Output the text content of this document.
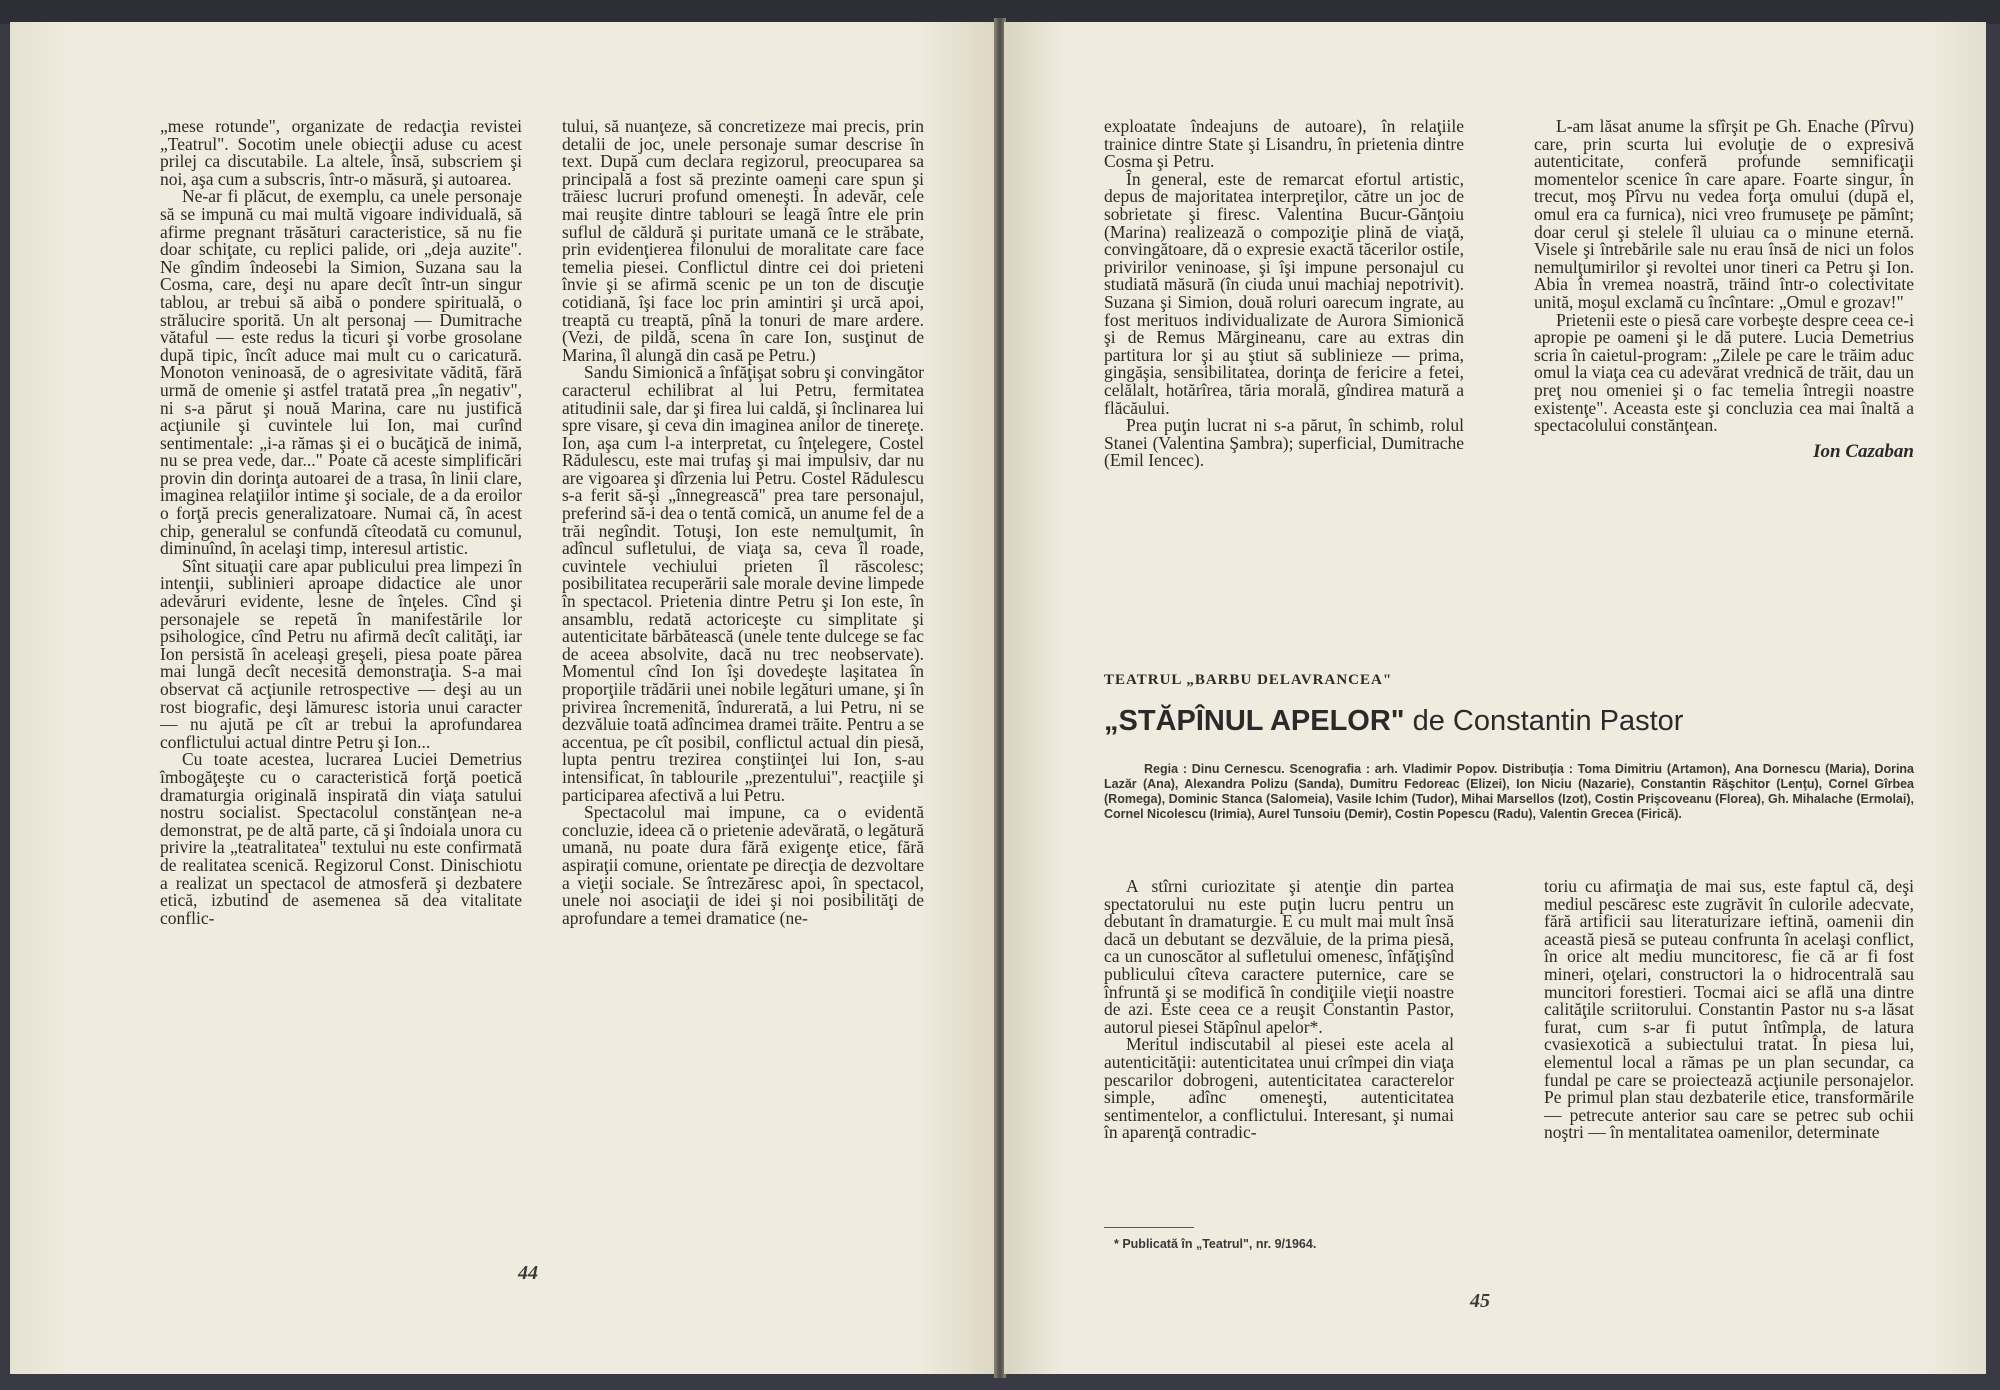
„mese rotunde", organizate de redacţia revistei „Teatrul". Socotim unele obiecţii aduse cu acest prilej ca discutabile. La altele, însă, subscriem şi noi, aşa cum a subscris, într-o măsură, şi autoarea.

Ne-ar fi plăcut, de exemplu, ca unele personaje să se impună cu mai multă vigoare individuală, să afirme pregnant trăsături caracteristice, să nu fie doar schiţate, cu replici palide, ori „deja auzite". Ne gîndim îndeosebi la Simion, Suzana sau la Cosma, care, deşi nu apare decît într-un singur tablou, ar trebui să aibă o pondere spirituală, o strălucire sporită. Un alt personaj — Dumitrache vătaful — este redus la ticuri şi vorbe grosolane după tipic, încît aduce mai mult cu o caricatură. Monoton veninoasă, de o agresivitate vădită, fără urmă de omenie şi astfel tratată prea „în negativ", ni s-a părut şi nouă Marina, care nu justifică acţiunile şi cuvintele lui Ion, mai curînd sentimentale: „i-a rămas şi ei o bucăţică de inimă, nu se prea vede, dar..." Poate că aceste simplificări provin din dorinţa autoarei de a trasa, în linii clare, imaginea relaţiilor intime şi sociale, de a da eroilor o forţă precis generalizatoare. Numai că, în acest chip, generalul se confundă cîteodată cu comunul, diminuînd, în acelaşi timp, interesul artistic.

Sînt situaţii care apar publicului prea limpezi în intenţii, sublinieri aproape didactice ale unor adevăruri evidente, lesne de înţeles. Cînd şi personajele se repetă în manifestările lor psihologice, cînd Petru nu afirmă decît calităţi, iar Ion persistă în aceleaşi greşeli, piesa poate părea mai lungă decît necesită demonstraţia. S-a mai observat că acţiunile retrospective — deşi au un rost biografic, deşi lămuresc istoria unui caracter — nu ajută pe cît ar trebui la aprofundarea conflictului actual dintre Petru şi Ion...

Cu toate acestea, lucrarea Luciei Demetrius îmbogăţeşte cu o caracteristică forţă poetică dramaturgia originală inspirată din viaţa satului nostru socialist. Spectacolul constănţean ne-a demonstrat, pe de altă parte, că şi îndoiala unora cu privire la „teatralitatea" textului nu este confirmată de realitatea scenică. Regizorul Const. Dinischiotu a realizat un spectacol de atmosferă şi dezbatere etică, izbutind de asemenea să dea vitalitate conflic-

tului, să nuanţeze, să concretizeze mai precis, prin detalii de joc, unele personaje sumar descrise în text. După cum declara regizorul, preocuparea sa principală a fost să prezinte oameni care spun şi trăiesc lucruri profund omeneşti. În adevăr, cele mai reuşite dintre tablouri se leagă între ele prin suflul de căldură şi puritate umană ce le străbate, prin evidenţierea filonului de moralitate care face temelia piesei. Conflictul dintre cei doi prieteni învie şi se afirmă scenic pe un ton de discuţie cotidiană, îşi face loc prin amintiri şi urcă apoi, treaptă cu treaptă, pînă la tonuri de mare ardere. (Vezi, de pildă, scena în care Ion, susţinut de Marina, îl alungă din casă pe Petru.)

Sandu Simionică a înfăţişat sobru şi convingător caracterul echilibrat al lui Petru, fermitatea atitudinii sale, dar şi firea lui caldă, şi înclinarea lui spre visare, şi ceva din imaginea anilor de tinereţe. Ion, aşa cum l-a interpretat, cu înţelegere, Costel Rădulescu, este mai trufaş şi mai impulsiv, dar nu are vigoarea şi dîrzenia lui Petru. Costel Rădulescu s-a ferit să-şi „înnegrească" prea tare personajul, preferind să-i dea o tentă comică, un anume fel de a trăi negîndit. Totuşi, Ion este nemulţumit, în adîncul sufletului, de viaţa sa, ceva îl roade, cuvintele vechiului prieten îl răscolesc; posibilitatea recuperării sale morale devine limpede în spectacol. Prietenia dintre Petru şi Ion este, în ansamblu, redată actoriceşte cu simplitate şi autenticitate bărbătească (unele tente dulcege se fac de aceea absolvite, dacă nu trec neobservate). Momentul cînd Ion îşi dovedeşte laşitatea în proporţiile trădării unei nobile legături umane, şi în privirea încremenită, îndurerată, a lui Petru, ni se dezvăluie toată adîncimea dramei trăite. Pentru a se accentua, pe cît posibil, conflictul actual din piesă, lupta pentru trezirea conştiinţei lui Ion, s-au intensificat, în tablourile „prezentului", reacţiile şi participarea afectivă a lui Petru.

Spectacolul mai impune, ca o evidentă concluzie, ideea că o prietenie adevărată, o legătură umană, nu poate dura fără exigenţe etice, fără aspiraţii comune, orientate pe direcţia de dezvoltare a vieţii sociale. Se întrezăresc apoi, în spectacol, unele noi asociaţii de idei şi noi posibilităţi de aprofundare a temei dramatice (ne-

44

exploatate îndeajuns de autoare), în relaţiile trainice dintre State şi Lisandru, în prietenia dintre Cosma şi Petru.

În general, este de remarcat efortul artistic, depus de majoritatea interpreţilor, către un joc de sobrietate şi firesc. Valentina Bucur-Gănţoiu (Marina) realizează o compoziţie plină de viaţă, convingătoare, dă o expresie exactă tăcerilor ostile, privirilor veninoase, şi îşi impune personajul cu studiată măsură (în ciuda unui machiaj nepotrivit). Suzana şi Simion, două roluri oarecum ingrate, au fost merituos individualizate de Aurora Simionică şi de Remus Mărgineanu, care au extras din partitura lor şi au ştiut să sublinieze — prima, gingăşia, sensibilitatea, dorinţa de fericire a fetei, celălalt, hotărîrea, tăria morală, gîndirea matură a flăcăului.

Prea puţin lucrat ni s-a părut, în schimb, rolul Stanei (Valentina Şambra); superficial, Dumitrache (Emil Iencec).

L-am lăsat anume la sfîrşit pe Gh. Enache (Pîrvu) care, prin scurta lui evoluţie de o expresivă autenticitate, conferă profunde semnificaţii momentelor scenice în care apare. Foarte singur, în trecut, moş Pîrvu nu vedea forţa omului (după el, omul era ca furnica), nici vreo frumuseţe pe pămînt; doar cerul şi stelele îl uluiau ca o minune eternă. Visele şi întrebările sale nu erau însă de nici un folos nemulţumirilor şi revoltei unor tineri ca Petru şi Ion. Abia în vremea noastră, trăind într-o colectivitate unită, moşul exclamă cu încîntare: „Omul e grozav!"

Prietenii este o piesă care vorbeşte despre ceea ce-i apropie pe oameni şi le dă putere. Lucia Demetrius scria în caietul-program: „Zilele pe care le trăim aduc omul la viaţa cea cu adevărat vrednică de trăit, dau un preţ nou omeniei şi o fac temelia întregii noastre existenţe". Aceasta este şi concluzia cea mai înaltă a spectacolului constănţean.

Ion Cazaban
TEATRUL „BARBU DELAVRANCEA"
„STĂPÎNUL APELOR" de Constantin Pastor
Regia : Dinu Cernescu. Scenografia : arh. Vladimir Popov. Distribuţia : Toma Dimitriu (Artamon), Ana Dornescu (Maria), Dorina Lazăr (Ana), Alexandra Polizu (Sanda), Dumitru Fedoreac (Elizei), Ion Niciu (Nazarie), Constantin Răşchitor (Lenţu), Cornel Gîrbea (Romega), Dominic Stanca (Salomeia), Vasile Ichim (Tudor), Mihai Marsellos (Izot), Costin Prişcoveanu (Florea), Gh. Mihalache (Ermolai), Cornel Nicolescu (Irimia), Aurel Tunsoiu (Demir), Costin Popescu (Radu), Valentin Grecea (Firică).

A stîrni curiozitate şi atenţie din partea spectatorului nu este puţin lucru pentru un debutant în dramaturgie. E cu mult mai mult însă dacă un debutant se dezvăluie, de la prima piesă, ca un cunoscător al sufletului omenesc, înfăţişînd publicului cîteva caractere puternice, care se înfruntă şi se modifică în condiţiile vieţii noastre de azi. Este ceea ce a reuşit Constantin Pastor, autorul piesei Stăpînul apelor*.

Meritul indiscutabil al piesei este acela al autenticităţii: autenticitatea unui crîmpei din viaţa pescarilor dobrogeni, autenticitatea caracterelor simple, adînc omeneşti, autenticitatea sentimentelor, a conflictului. Interesant, şi numai în aparenţă contradic-

toriu cu afirmaţia de mai sus, este faptul că, deşi mediul pescăresc este zugrăvit în culorile adecvate, fără artificii sau literaturizare ieftină, oamenii din această piesă se puteau confrunta în acelaşi conflict, în orice alt mediu muncitoresc, fie că ar fi fost mineri, oţelari, constructori la o hidrocentrală sau muncitori forestieri. Tocmai aici se află una dintre calităţile scriitorului. Constantin Pastor nu s-a lăsat furat, cum s-ar fi putut întîmpla, de latura cvasiexotică a subiectului tratat. În piesa lui, elementul local a rămas pe un plan secundar, ca fundal pe care se proiectează acţiunile personajelor. Pe primul plan stau dezbaterile etice, transformările — petrecute anterior sau care se petrec sub ochii noştri — în mentalitatea oamenilor, determinate

* Publicată în „Teatrul", nr. 9/1964.
45
